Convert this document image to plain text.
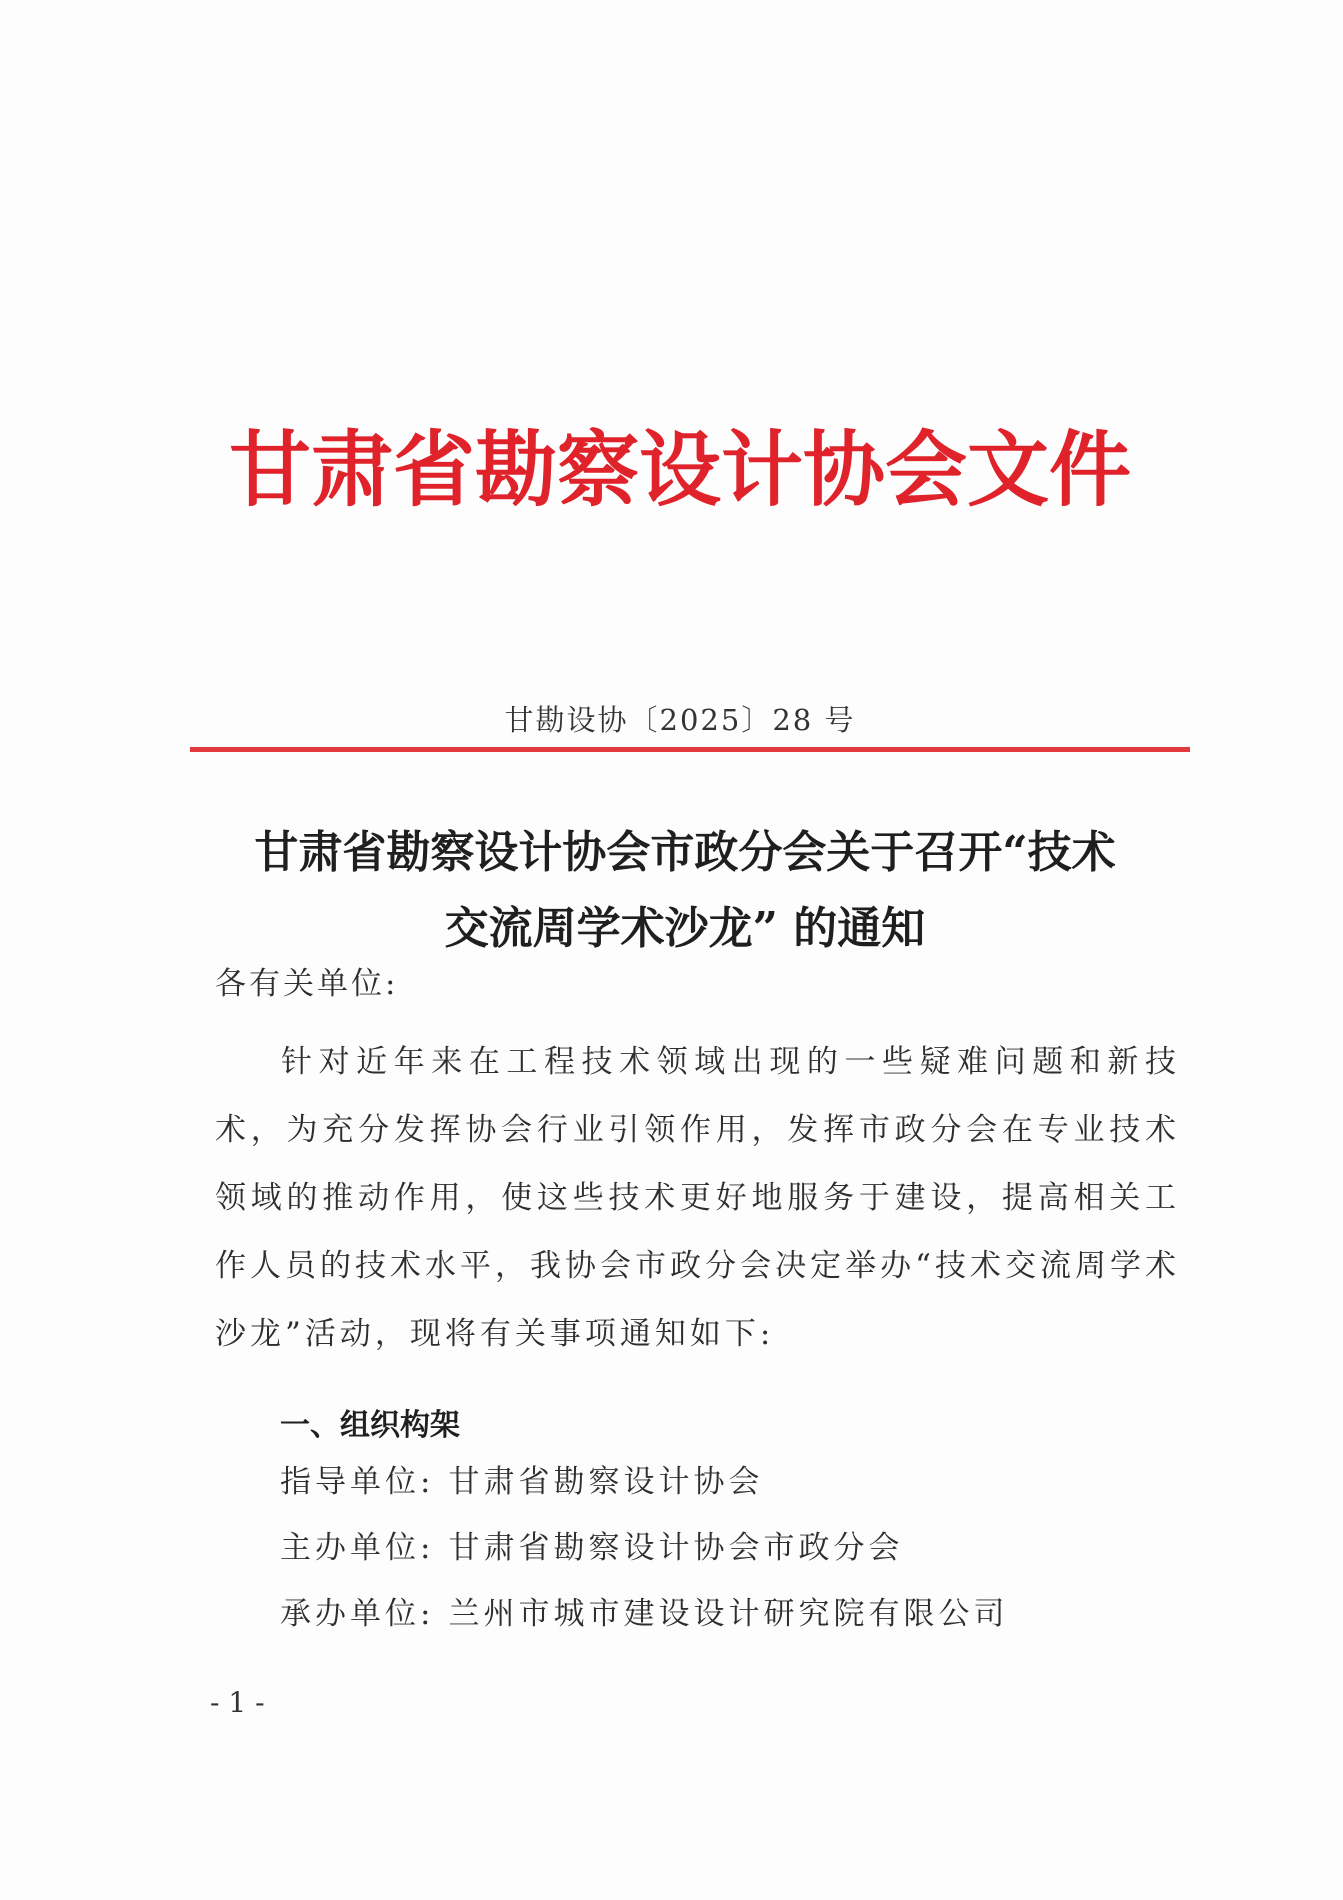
甘肃省勘察设计协会文件
甘勘设协〔2025〕28 号
甘肃省勘察设计协会市政分会关于召开“技术
交流周学术沙龙” 的通知
各有关单位:
针对近年来在工程技术领域出现的一些疑难问题和新技术，为充分发挥协会行业引领作用，发挥市政分会在专业技术领域的推动作用，使这些技术更好地服务于建设，提高相关工作人员的技术水平，我协会市政分会决定举办“技术交流周学术沙龙”活动，现将有关事项通知如下:
一、组织构架
指导单位: 甘肃省勘察设计协会
主办单位: 甘肃省勘察设计协会市政分会
承办单位: 兰州市城市建设设计研究院有限公司
- 1 -
